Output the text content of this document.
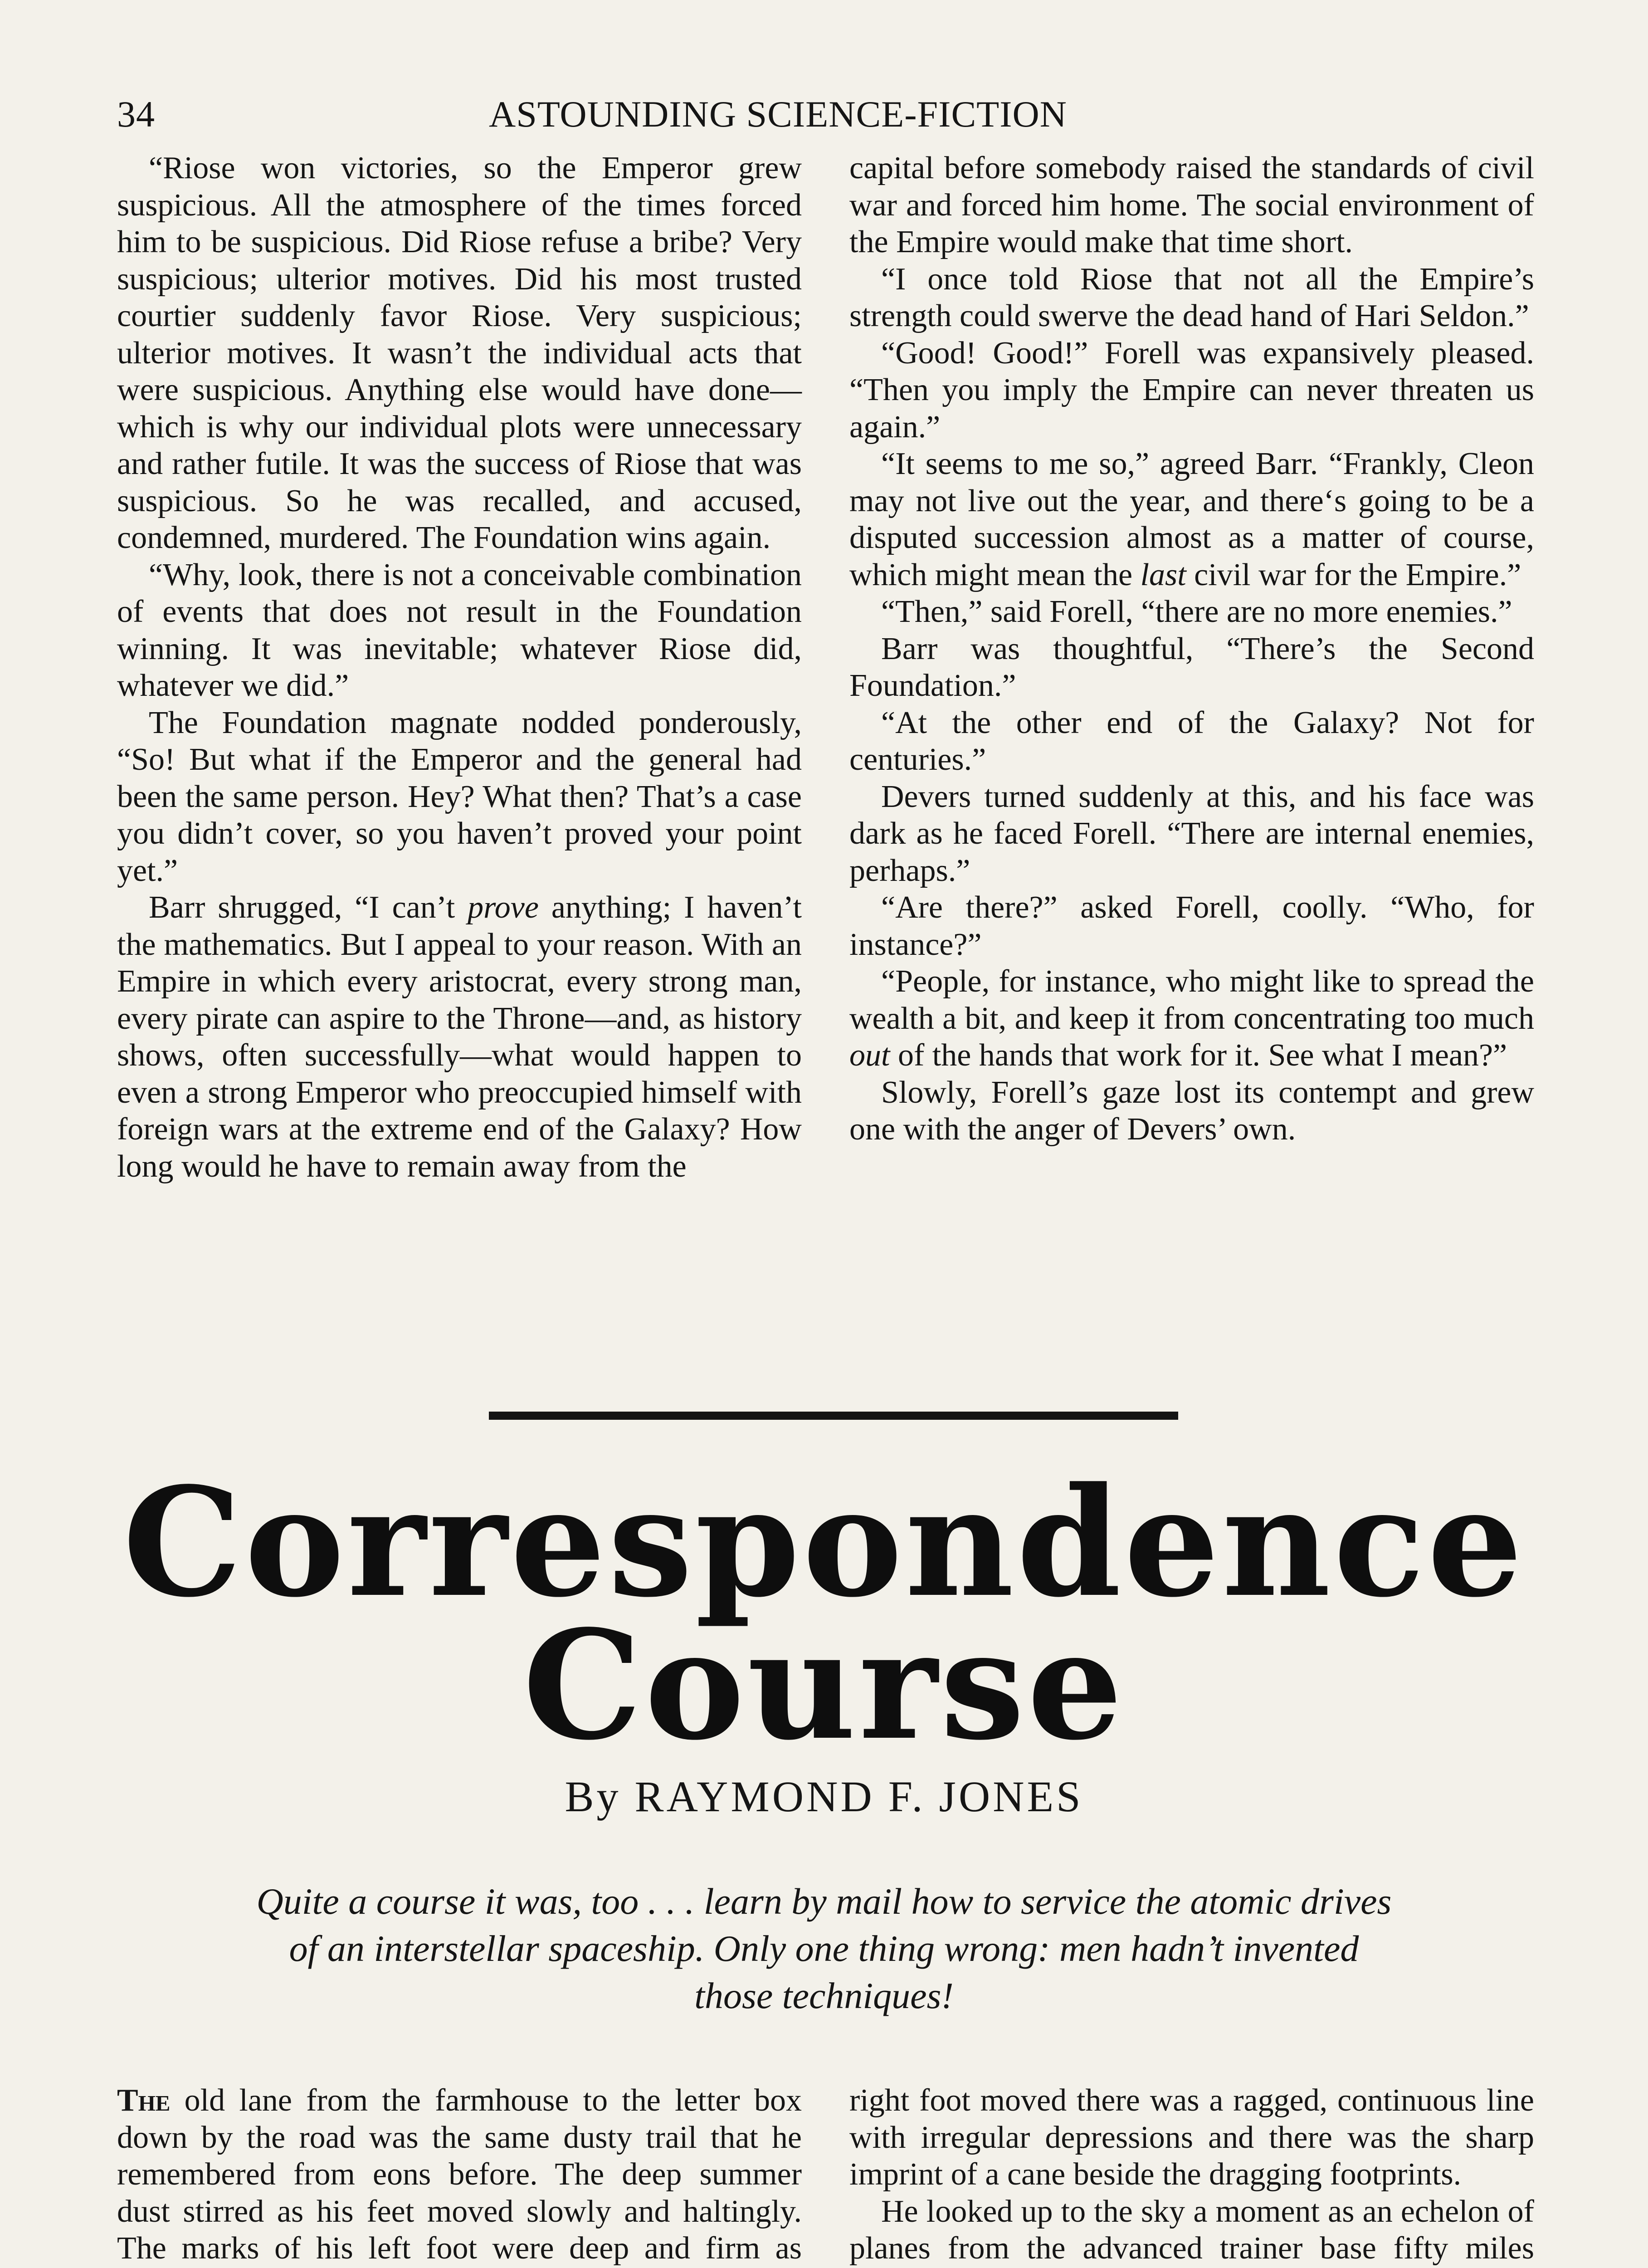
34	ASTOUNDING SCIENCE-FICTION

“Riose won victories, so the Emperor grew suspicious. All the atmosphere of the times forced him to be suspicious. Did Riose refuse a bribe? Very suspicious; ulterior motives. Did his most trusted courtier suddenly favor Riose. Very suspicious; ulterior motives. It wasn’t the individual acts that were suspicious. Anything else would have done—which is why our individual plots were unnecessary and rather futile. It was the success of Riose that was suspicious. So he was recalled, and accused, condemned, murdered. The Foundation wins again.

“Why, look, there is not a conceivable combination of events that does not result in the Foundation winning. It was inevitable; whatever Riose did, whatever we did.”

The Foundation magnate nodded ponderously, “So! But what if the Emperor and the general had been the same person. Hey? What then? That’s a case you didn’t cover, so you haven’t proved your point yet.”

Barr shrugged, “I can’t prove anything; I haven’t the mathematics. But I appeal to your reason. With an Empire in which every aristocrat, every strong man, every pirate can aspire to the Throne—and, as history shows, often successfully—what would happen to even a strong Emperor who preoccupied himself with foreign wars at the extreme end of the Galaxy? How long would he have to remain away from the

capital before somebody raised the standards of civil war and forced him home. The social environment of the Empire would make that time short.

“I once told Riose that not all the Empire’s strength could swerve the dead hand of Hari Seldon.”

“Good! Good!” Forell was expansively pleased. “Then you imply the Empire can never threaten us again.”

“It seems to me so,” agreed Barr. “Frankly, Cleon may not live out the year, and there‘s going to be a disputed succession almost as a matter of course, which might mean the last civil war for the Empire.”

“Then,” said Forell, “there are no more enemies.”

Barr was thoughtful, “There’s the Second Foundation.”

“At the other end of the Galaxy? Not for centuries.”

Devers turned suddenly at this, and his face was dark as he faced Forell. “There are internal enemies, perhaps.”

“Are there?” asked Forell, coolly. “Who, for instance?”

“People, for instance, who might like to spread the wealth a bit, and keep it from concentrating too much out of the hands that work for it. See what I mean?”

Slowly, Forell’s gaze lost its contempt and grew one with the anger of Devers’ own.

Correspondence
Course
By RAYMOND F. JONES
Quite a course it was, too . . . learn by mail how to service the atomic drives of an interstellar spaceship. Only one thing wrong: men hadn’t invented those techniques!

The old lane from the farmhouse to the letter box down by the road was the same dusty trail that he remembered from eons before. The deep summer dust stirred as his feet moved slowly and haltingly. The marks of his left foot were deep and firm as

right foot moved there was a ragged, continuous line with irregular depressions and there was the sharp imprint of a cane beside the dragging footprints.

He looked up to the sky a moment as an echelon of planes from the advanced trainer base fifty miles
